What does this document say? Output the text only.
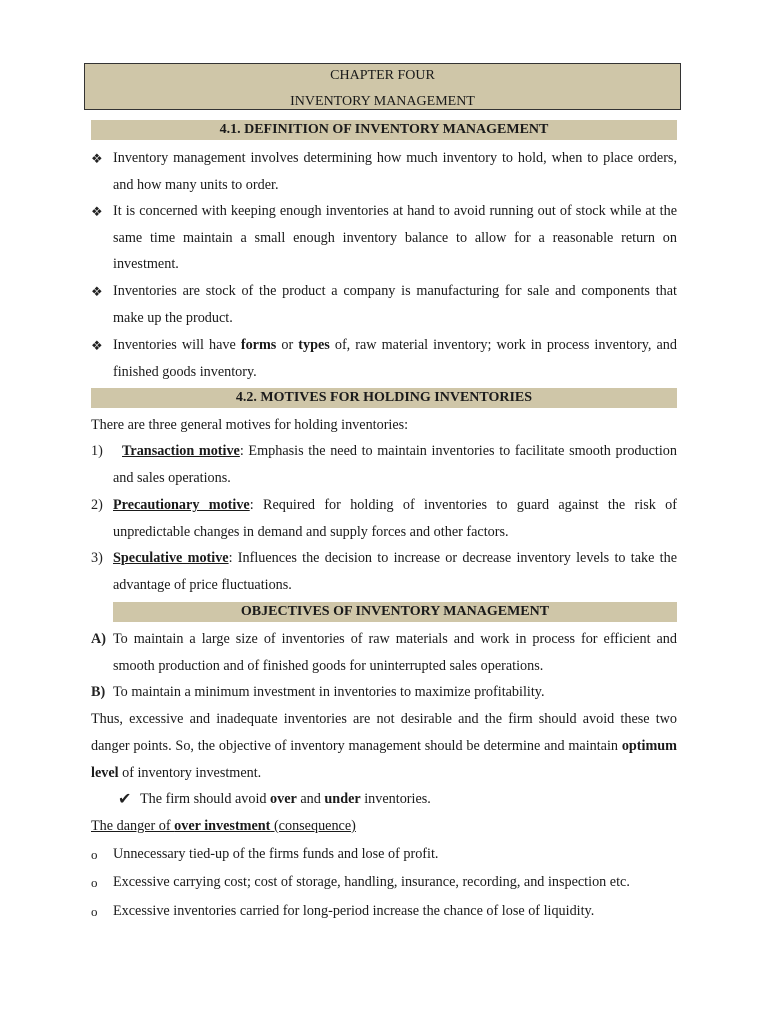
CHAPTER FOUR
INVENTORY MANAGEMENT
4.1. DEFINITION OF INVENTORY MANAGEMENT
❖ Inventory management involves determining how much inventory to hold, when to place orders, and how many units to order.
❖ It is concerned with keeping enough inventories at hand to avoid running out of stock while at the same time maintain a small enough inventory balance to allow for a reasonable return on investment.
❖ Inventories are stock of the product a company is manufacturing for sale and components that make up the product.
❖ Inventories will have forms or types of, raw material inventory; work in process inventory, and finished goods inventory.
4.2. MOTIVES FOR HOLDING INVENTORIES
There are three general motives for holding inventories:
1)	Transaction motive: Emphasis the need to maintain inventories to facilitate smooth production and sales operations.
2) Precautionary motive: Required for holding of inventories to guard against the risk of unpredictable changes in demand and supply forces and other factors.
3) Speculative motive: Influences the decision to increase or decrease inventory levels to take the advantage of price fluctuations.
OBJECTIVES OF INVENTORY MANAGEMENT
A) To maintain a large size of inventories of raw materials and work in process for efficient and smooth production and of finished goods for uninterrupted sales operations.
B) To maintain a minimum investment in inventories to maximize profitability.
Thus, excessive and inadequate inventories are not desirable and the firm should avoid these two danger points. So, the objective of inventory management should be determine and maintain optimum level of inventory investment.
✔ The firm should avoid over and under inventories.
The danger of over investment (consequence)
o	Unnecessary tied-up of the firms funds and lose of profit.
o	Excessive carrying cost; cost of storage, handling, insurance, recording, and inspection etc.
o	Excessive inventories carried for long-period increase the chance of lose of liquidity.
